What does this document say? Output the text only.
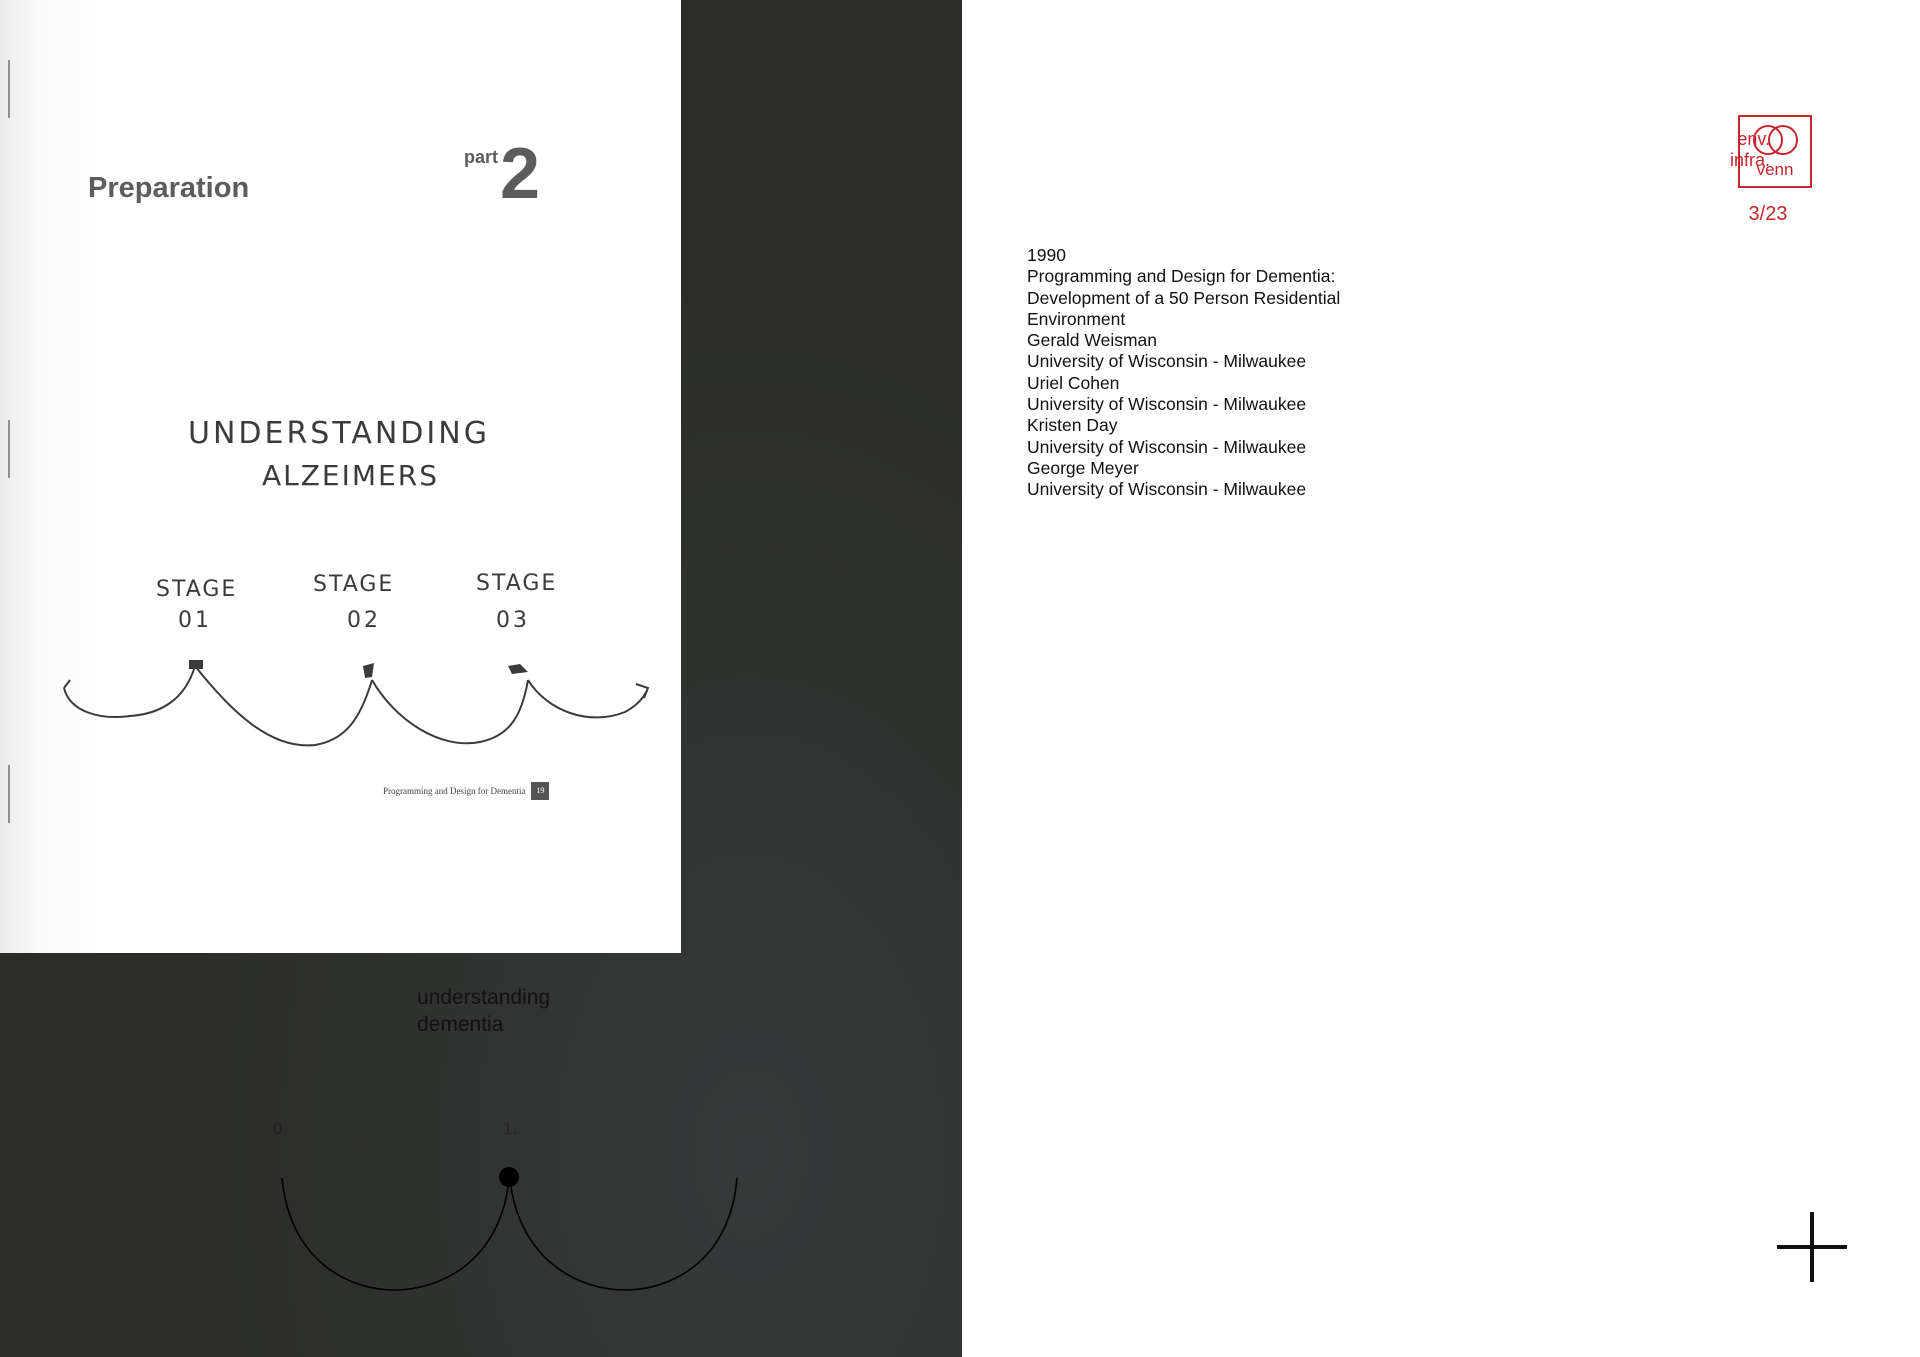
Preparation
part 2
UNDERSTANDING
ALZEIMERS
STAGE
01
STAGE
02
STAGE
03
Programming and Design for Dementia	19
understanding
dementia
0.	1.
env.
infra.
venn
3/23
1990
Programming and Design for Dementia:
Development of a 50 Person Residential
Environment
Gerald Weisman
University of Wisconsin - Milwaukee
Uriel Cohen
University of Wisconsin - Milwaukee
Kristen Day
University of Wisconsin - Milwaukee
George Meyer
University of Wisconsin - Milwaukee
